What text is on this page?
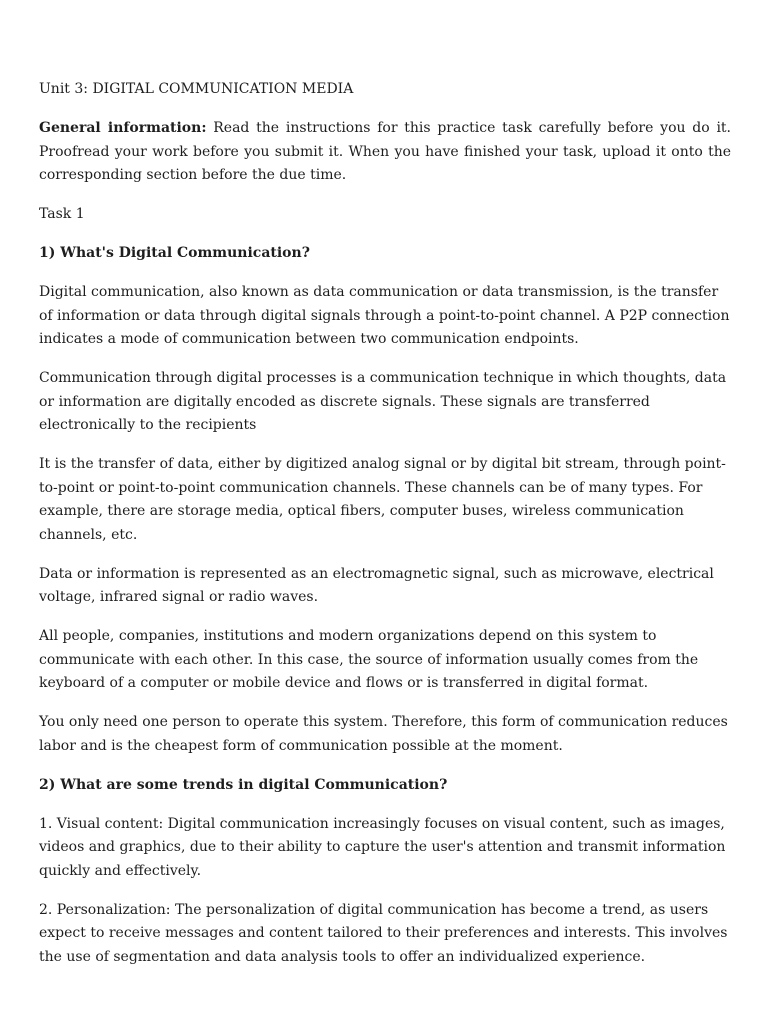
Unit 3: DIGITAL COMMUNICATION MEDIA

General information: Read the instructions for this practice task carefully before you do it. Proofread your work before you submit it. When you have finished your task, upload it onto the corresponding section before the due time.

Task 1

1) What's Digital Communication?

Digital communication, also known as data communication or data transmission, is the transfer of information or data through digital signals through a point-to-point channel. A P2P connection indicates a mode of communication between two communication endpoints.

Communication through digital processes is a communication technique in which thoughts, data or information are digitally encoded as discrete signals. These signals are transferred electronically to the recipients

It is the transfer of data, either by digitized analog signal or by digital bit stream, through point-to-point or point-to-point communication channels. These channels can be of many types. For example, there are storage media, optical fibers, computer buses, wireless communication channels, etc.

Data or information is represented as an electromagnetic signal, such as microwave, electrical voltage, infrared signal or radio waves.

All people, companies, institutions and modern organizations depend on this system to communicate with each other. In this case, the source of information usually comes from the keyboard of a computer or mobile device and flows or is transferred in digital format.

You only need one person to operate this system. Therefore, this form of communication reduces labor and is the cheapest form of communication possible at the moment.

2) What are some trends in digital Communication?

1. Visual content: Digital communication increasingly focuses on visual content, such as images, videos and graphics, due to their ability to capture the user's attention and transmit information quickly and effectively.

2. Personalization: The personalization of digital communication has become a trend, as users expect to receive messages and content tailored to their preferences and interests. This involves the use of segmentation and data analysis tools to offer an individualized experience.
